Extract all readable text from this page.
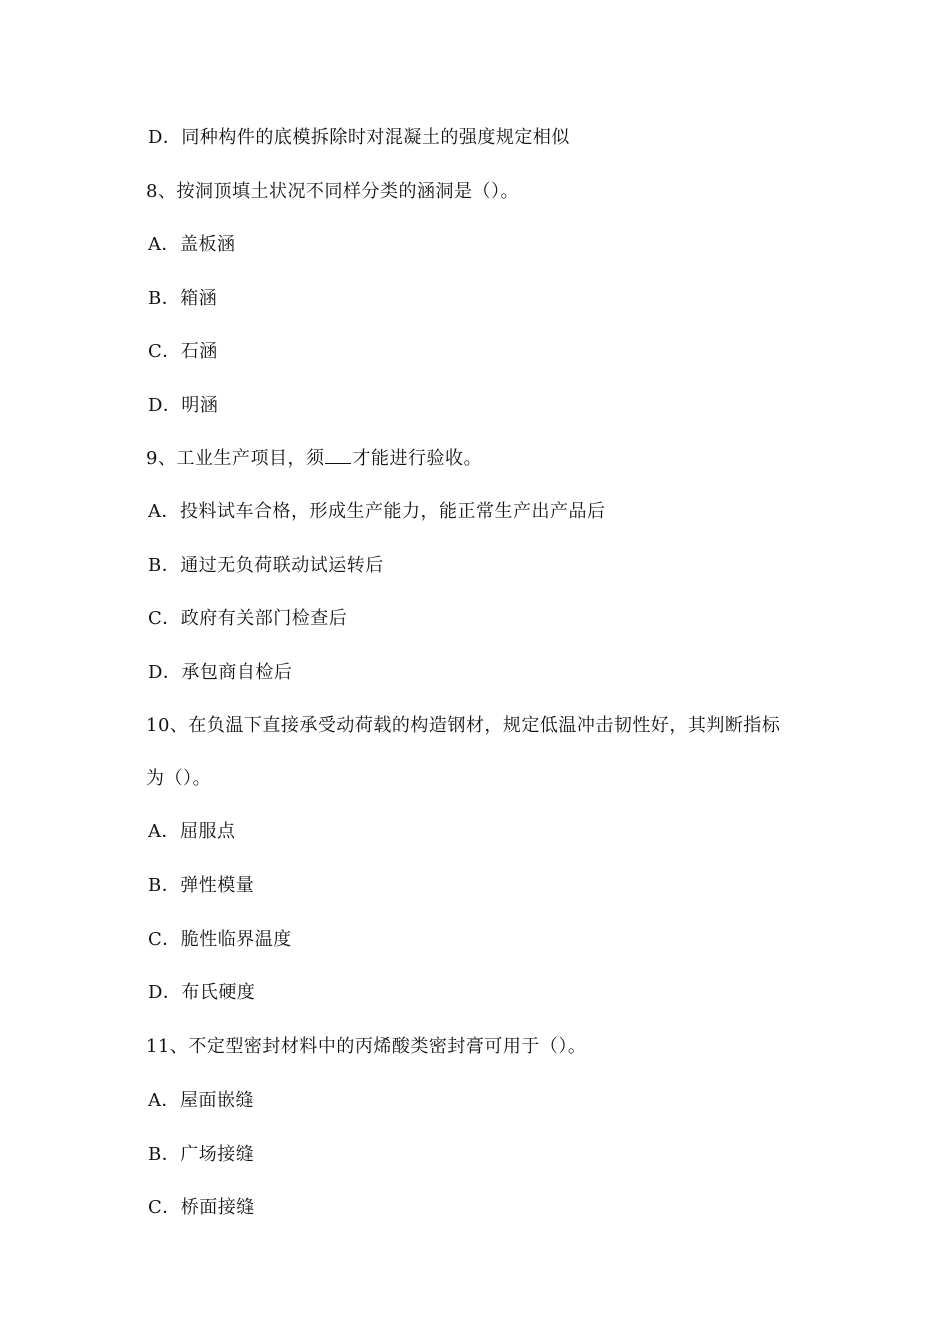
D．同种构件的底模拆除时对混凝土的强度规定相似
8、按洞顶填土状况不同样分类的涵洞是（）。
A．盖板涵
B．箱涵
C．石涵
D．明涵
9、工业生产项目，须 才能进行验收。
A．投料试车合格，形成生产能力，能正常生产出产品后
B．通过无负荷联动试运转后
C．政府有关部门检查后
D．承包商自检后
10、在负温下直接承受动荷载的构造钢材，规定低温冲击韧性好，其判断指标
为（）。
A．屈服点
B．弹性模量
C．脆性临界温度
D．布氏硬度
11、不定型密封材料中的丙烯酸类密封膏可用于（）。
A．屋面嵌缝
B．广场接缝
C．桥面接缝
